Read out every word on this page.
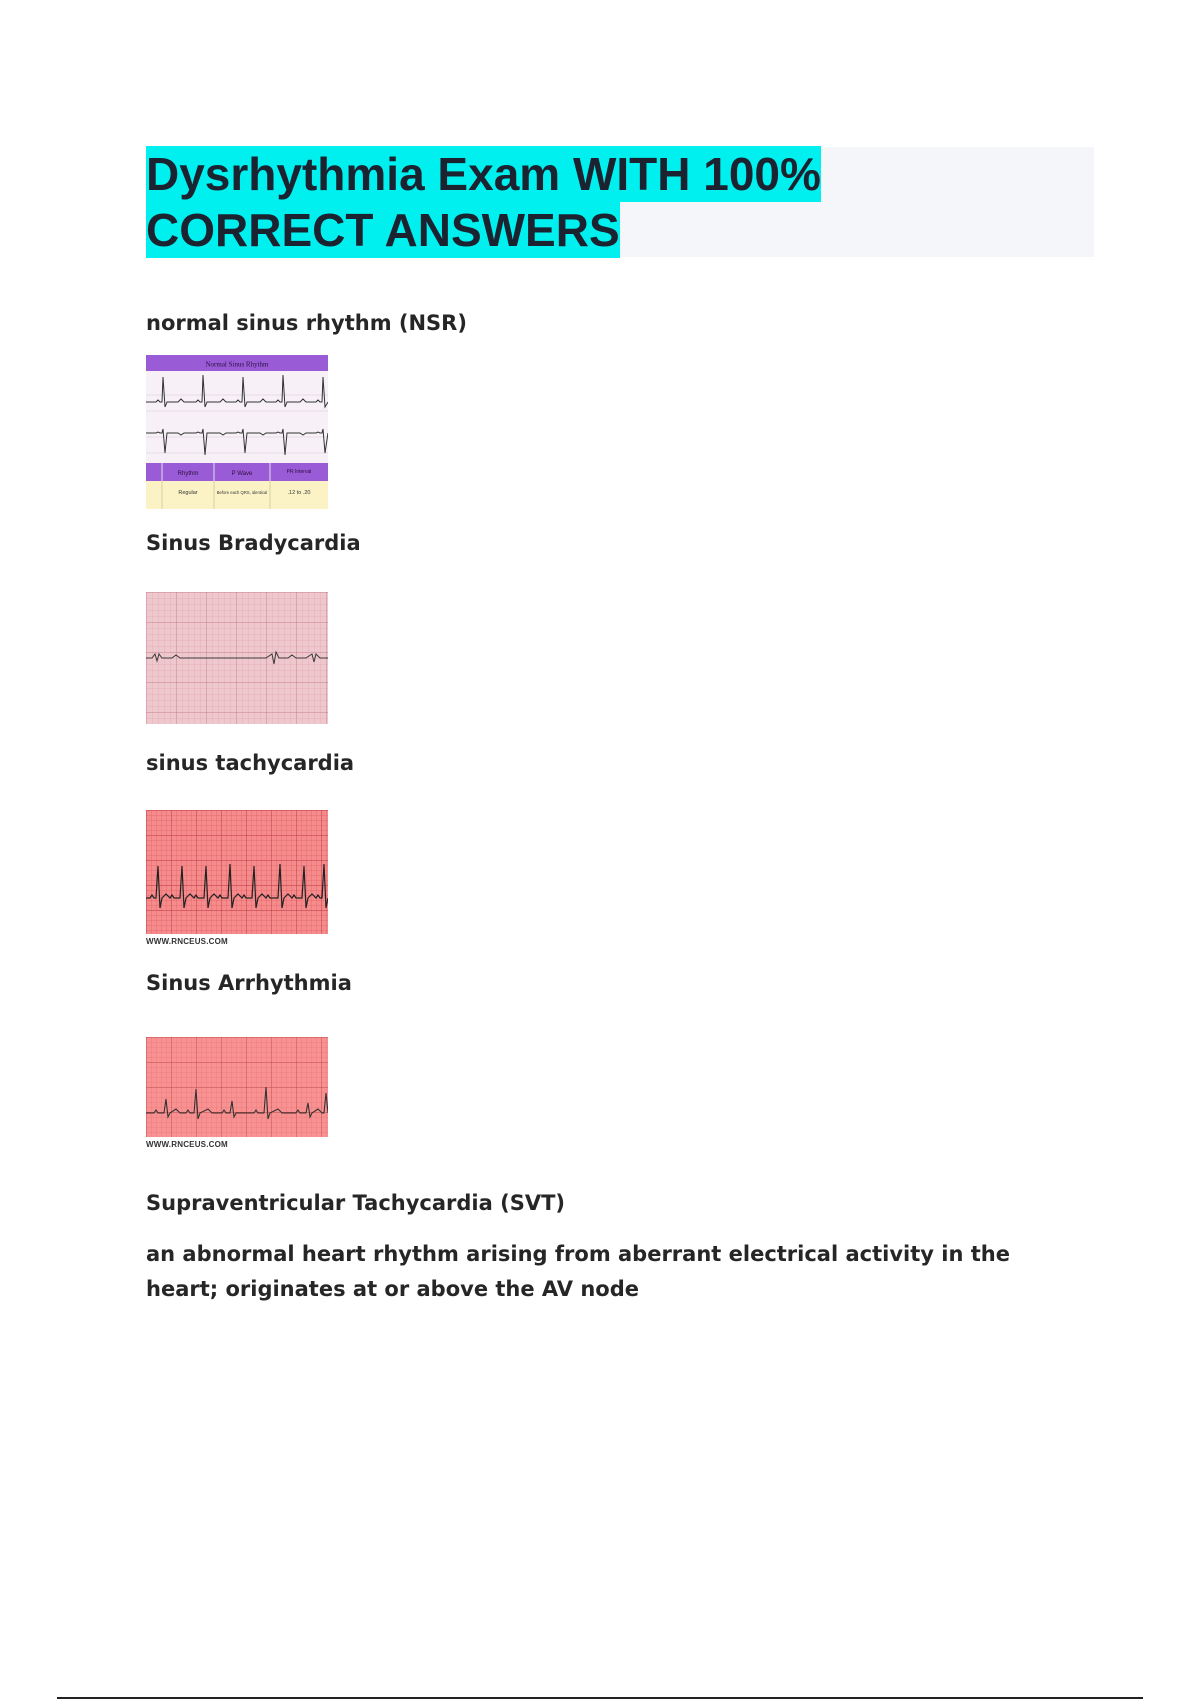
Dysrhythmia Exam WITH 100%
CORRECT ANSWERS
normal sinus rhythm (NSR)
Normal Sinus Rhythm
Rhythm	P Wave	PR Interval
Regular	Before each QRS, identical	.12 to .20
Sinus Bradycardia
sinus tachycardia
WWW.RNCEUS.COM
Sinus Arrhythmia
WWW.RNCEUS.COM
Supraventricular Tachycardia (SVT)
an abnormal heart rhythm arising from aberrant electrical activity in the heart; originates at or above the AV node
